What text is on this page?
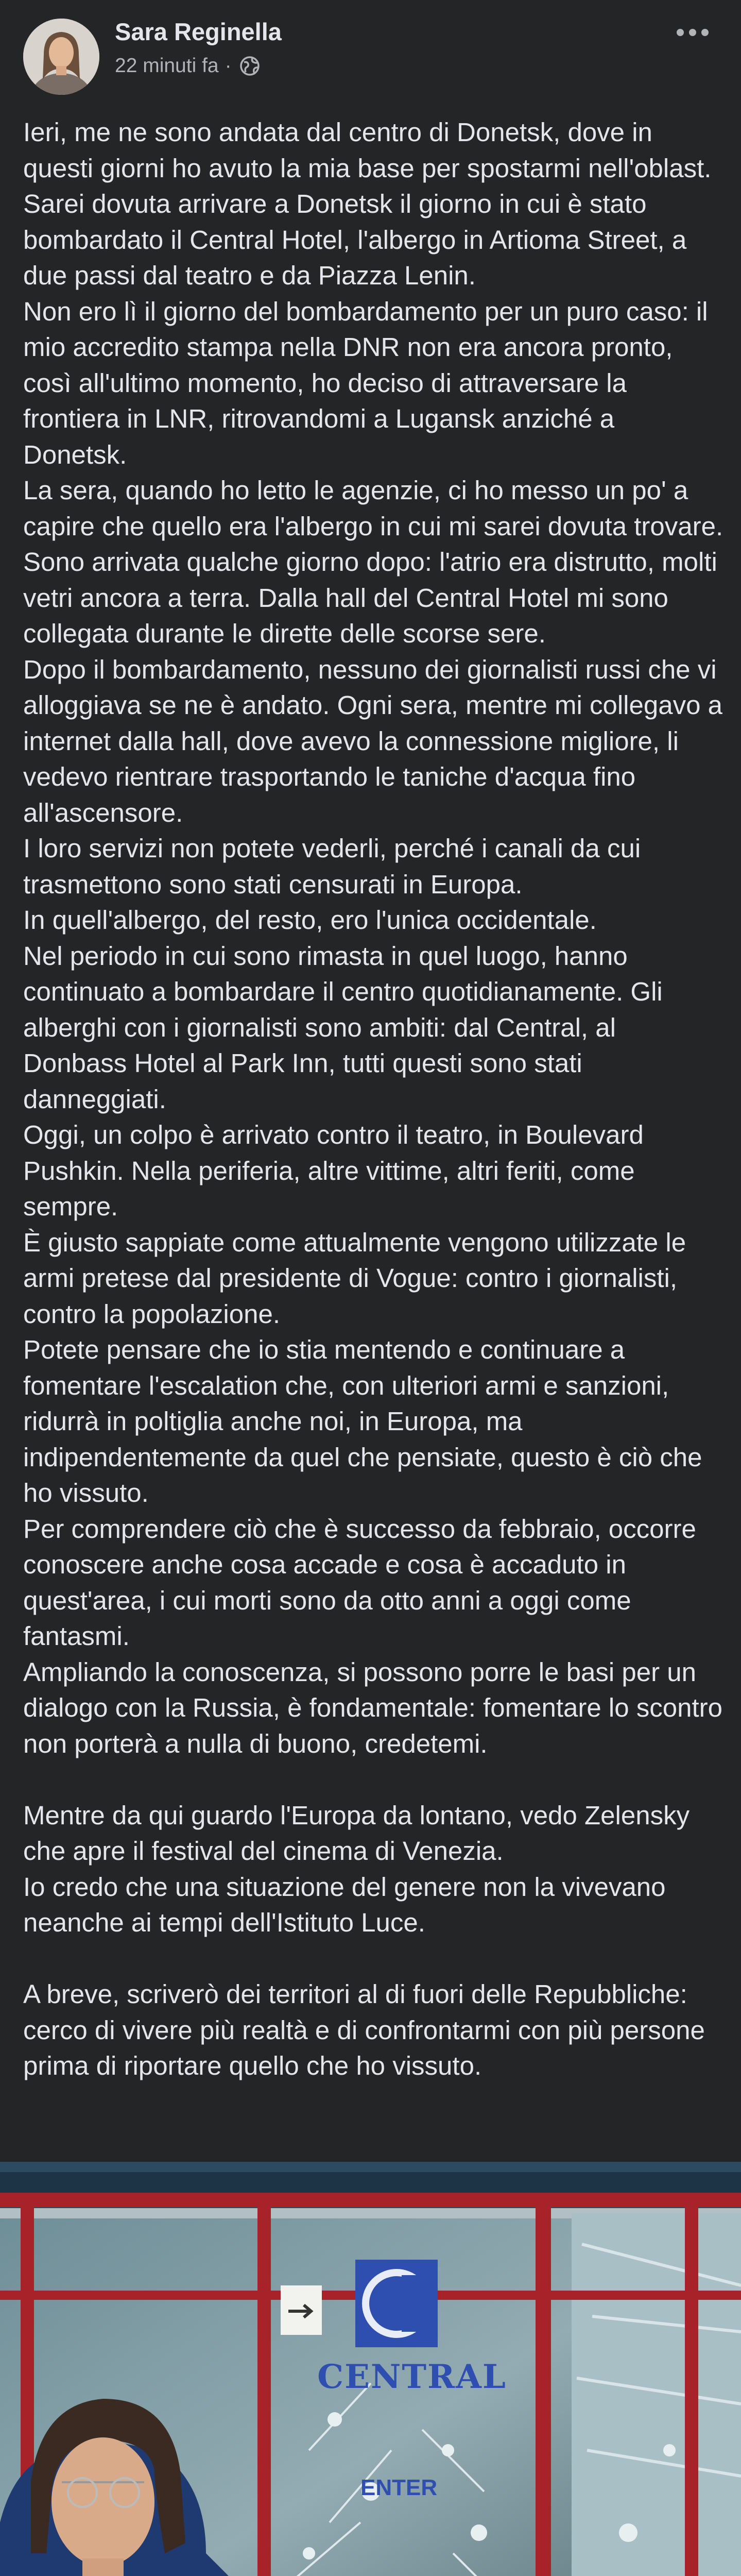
Sara Reginella
22 minuti fa ·

Ieri, me ne sono andata dal centro di Donetsk, dove in questi giorni ho avuto la mia base per spostarmi nell'oblast.

Sarei dovuta arrivare a Donetsk il giorno in cui è stato bombardato il Central Hotel, l'albergo in Artioma Street, a due passi dal teatro e da Piazza Lenin.

Non ero lì il giorno del bombardamento per un puro caso: il mio accredito stampa nella DNR non era ancora pronto, così all'ultimo momento, ho deciso di attraversare la frontiera in LNR, ritrovandomi a Lugansk anziché a Donetsk.

La sera, quando ho letto le agenzie, ci ho messo un po' a capire che quello era l'albergo in cui mi sarei dovuta trovare.

Sono arrivata qualche giorno dopo: l'atrio era distrutto, molti vetri ancora a terra. Dalla hall del Central Hotel mi sono collegata durante le dirette delle scorse sere.

Dopo il bombardamento, nessuno dei giornalisti russi che vi alloggiava se ne è andato. Ogni sera, mentre mi collegavo a internet dalla hall, dove avevo la connessione migliore, li vedevo rientrare trasportando le taniche d'acqua fino all'ascensore.

I loro servizi non potete vederli, perché i canali da cui trasmettono sono stati censurati in Europa.

In quell'albergo, del resto, ero l'unica occidentale.

Nel periodo in cui sono rimasta in quel luogo, hanno continuato a bombardare il centro quotidianamente. Gli alberghi con i giornalisti sono ambiti: dal Central, al Donbass Hotel al Park Inn, tutti questi sono stati danneggiati.

Oggi, un colpo è arrivato contro il teatro, in Boulevard Pushkin. Nella periferia, altre vittime, altri feriti, come sempre.

È giusto sappiate come attualmente vengono utilizzate le armi pretese dal presidente di Vogue: contro i giornalisti, contro la popolazione.

Potete pensare che io stia mentendo e continuare a fomentare l'escalation che, con ulteriori armi e sanzioni, ridurrà in poltiglia anche noi, in Europa, ma indipendentemente da quel che pensiate, questo è ciò che ho vissuto.

Per comprendere ciò che è successo da febbraio, occorre conoscere anche cosa accade e cosa è accaduto in quest'area, i cui morti sono da otto anni a oggi come fantasmi.

Ampliando la conoscenza, si possono porre le basi per un dialogo con la Russia, è fondamentale: fomentare lo scontro non porterà a nulla di buono, credetemi.

Mentre da qui guardo l'Europa da lontano, vedo Zelensky che apre il festival del cinema di Venezia.

Io credo che una situazione del genere non la vivevano neanche ai tempi dell'Istituto Luce.

A breve, scriverò dei territori al di fuori delle Repubbliche: cerco di vivere più realtà e di confrontarmi con più persone prima di riportare quello che ho vissuto.

CENTRAL
ENTER
